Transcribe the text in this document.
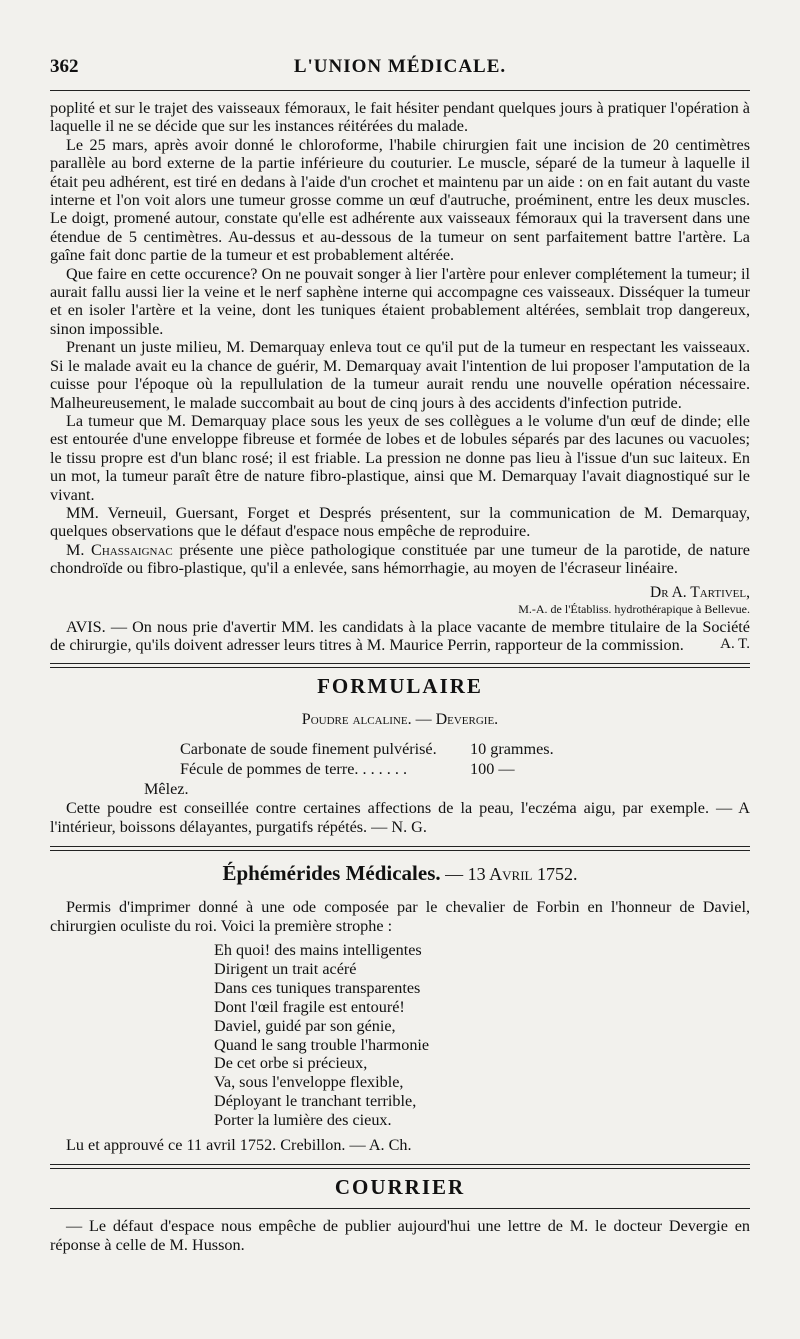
362	L'UNION MÉDICALE.

poplité et sur le trajet des vaisseaux fémoraux, le fait hésiter pendant quelques jours à pratiquer l'opération à laquelle il ne se décide que sur les instances réitérées du malade.

Le 25 mars, après avoir donné le chloroforme, l'habile chirurgien fait une incision de 20 centimètres parallèle au bord externe de la partie inférieure du couturier. Le muscle, séparé de la tumeur à laquelle il était peu adhérent, est tiré en dedans à l'aide d'un crochet et maintenu par un aide : on en fait autant du vaste interne et l'on voit alors une tumeur grosse comme un œuf d'autruche, proéminent, entre les deux muscles. Le doigt, promené autour, constate qu'elle est adhérente aux vaisseaux fémoraux qui la traversent dans une étendue de 5 centimètres. Au-dessus et au-dessous de la tumeur on sent parfaitement battre l'artère. La gaîne fait donc partie de la tumeur et est probablement altérée.

Que faire en cette occurence? On ne pouvait songer à lier l'artère pour enlever complétement la tumeur; il aurait fallu aussi lier la veine et le nerf saphène interne qui accompagne ces vaisseaux. Disséquer la tumeur et en isoler l'artère et la veine, dont les tuniques étaient probablement altérées, semblait trop dangereux, sinon impossible.

Prenant un juste milieu, M. Demarquay enleva tout ce qu'il put de la tumeur en respectant les vaisseaux. Si le malade avait eu la chance de guérir, M. Demarquay avait l'intention de lui proposer l'amputation de la cuisse pour l'époque où la repullulation de la tumeur aurait rendu une nouvelle opération nécessaire. Malheureusement, le malade succombait au bout de cinq jours à des accidents d'infection putride.

La tumeur que M. Demarquay place sous les yeux de ses collègues a le volume d'un œuf de dinde; elle est entourée d'une enveloppe fibreuse et formée de lobes et de lobules séparés par des lacunes ou vacuoles; le tissu propre est d'un blanc rosé; il est friable. La pression ne donne pas lieu à l'issue d'un suc laiteux. En un mot, la tumeur paraît être de nature fibro-plastique, ainsi que M. Demarquay l'avait diagnostiqué sur le vivant.

MM. Verneuil, Guersant, Forget et Després présentent, sur la communication de M. Demarquay, quelques observations que le défaut d'espace nous empêche de reproduire.

M. Chassaignac présente une pièce pathologique constituée par une tumeur de la parotide, de nature chondroïde ou fibro-plastique, qu'il a enlevée, sans hémorrhagie, au moyen de l'écraseur linéaire.

Dr A. Tartivel,
M.-A. de l'Établiss. hydrothérapique à Bellevue.

AVIS. — On nous prie d'avertir MM. les candidats à la place vacante de membre titulaire de la Société de chirurgie, qu'ils doivent adresser leurs titres à M. Maurice Perrin, rapporteur de la commission.	A. T.
FORMULAIRE
Poudre alcaline. — Devergie.
Carbonate de soude finement pulvérisé.	10 grammes.
Fécule de pommes de terre. . . . . . .	100 —
Mêlez.

Cette poudre est conseillée contre certaines affections de la peau, l'eczéma aigu, par exemple. — A l'intérieur, boissons délayantes, purgatifs répétés. — N. G.

Éphémérides Médicales. — 13 Avril 1752.

Permis d'imprimer donné à une ode composée par le chevalier de Forbin en l'honneur de Daviel, chirurgien oculiste du roi. Voici la première strophe :

Eh quoi! des mains intelligentes
Dirigent un trait acéré
Dans ces tuniques transparentes
Dont l'œil fragile est entouré!
Daviel, guidé par son génie,
Quand le sang trouble l'harmonie
De cet orbe si précieux,
Va, sous l'enveloppe flexible,
Déployant le tranchant terrible,
Porter la lumière des cieux.

Lu et approuvé ce 11 avril 1752. Crebillon. — A. Ch.

COURRIER

— Le défaut d'espace nous empêche de publier aujourd'hui une lettre de M. le docteur Devergie en réponse à celle de M. Husson.
